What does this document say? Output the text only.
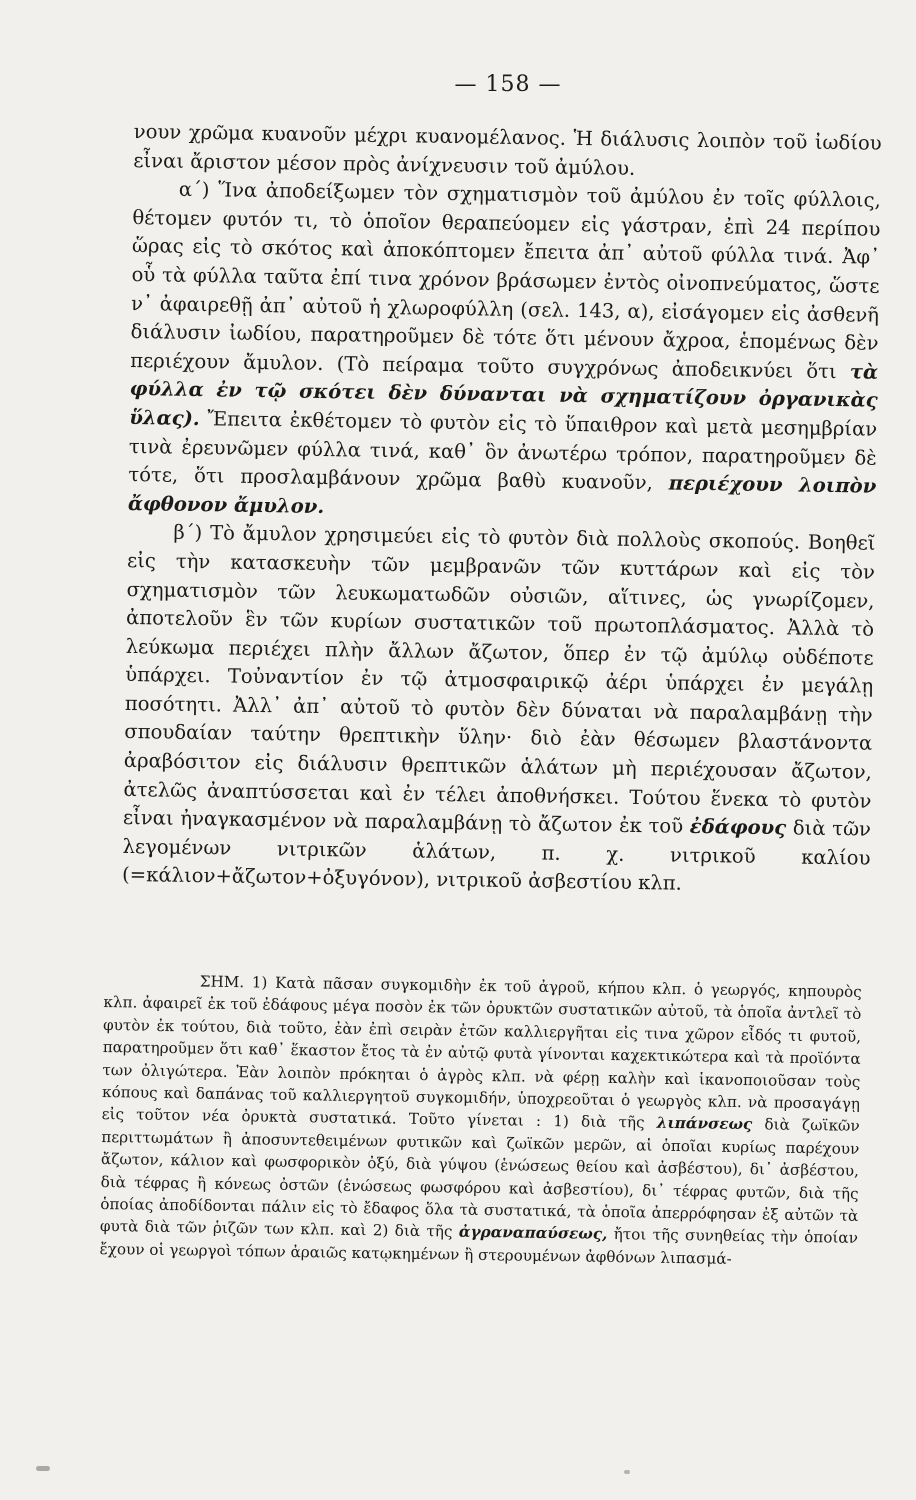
— 158 —

νουν χρῶμα κυανοῦν μέχρι κυανομέλανος. Ἡ διάλυσις λοιπὸν τοῦ ἰωδίου εἶναι ἄριστον μέσον πρὸς ἀνίχνευσιν τοῦ ἀμύλου.

α΄) Ἵνα ἀποδείξωμεν τὸν σχηματισμὸν τοῦ ἀμύλου ἐν τοῖς φύλλοις, θέτομεν φυτόν τι, τὸ ὁποῖον θεραπεύομεν εἰς γάστραν, ἐπὶ 24 περίπου ὥρας εἰς τὸ σκότος καὶ ἀποκόπτομεν ἔπειτα ἀπ᾿ αὐτοῦ φύλλα τινά. Ἀφ᾿ οὗ τὰ φύλλα ταῦτα ἐπί τινα χρόνον βράσωμεν ἐντὸς οἰνοπνεύματος, ὥστε ν᾿ ἀφαιρεθῇ ἀπ᾿ αὐτοῦ ἡ χλωροφύλλη (σελ. 143, α), εἰσάγομεν εἰς ἀσθενῆ διάλυσιν ἰωδίου, παρατηροῦμεν δὲ τότε ὅτι μένουν ἄχροα, ἑπομένως δὲν περιέχουν ἄμυλον. (Τὸ πείραμα τοῦτο συγχρόνως ἀποδεικνύει ὅτι τὰ φύλλα ἐν τῷ σκότει δὲν δύνανται νὰ σχηματίζουν ὀργανικὰς ὕλας). Ἔπειτα ἐκθέτομεν τὸ φυτὸν εἰς τὸ ὕπαιθρον καὶ μετὰ μεσημβρίαν τινὰ ἐρευνῶμεν φύλλα τινά, καθ᾿ ὃν ἀνωτέρω τρόπον, παρατηροῦμεν δὲ τότε, ὅτι προσλαμβάνουν χρῶμα βαθὺ κυανοῦν, περιέχουν λοιπὸν ἄφθονον ἄμυλον.

β΄) Τὸ ἄμυλον χρησιμεύει εἰς τὸ φυτὸν διὰ πολλοὺς σκοπούς. Βοηθεῖ εἰς τὴν κατασκευὴν τῶν μεμβρανῶν τῶν κυττάρων καὶ εἰς τὸν σχηματισμὸν τῶν λευκωματωδῶν οὐσιῶν, αἵτινες, ὡς γνωρίζομεν, ἀποτελοῦν ἓν τῶν κυρίων συστατικῶν τοῦ πρωτοπλάσματος. Ἀλλὰ τὸ λεύκωμα περιέχει πλὴν ἄλλων ἄζωτον, ὅπερ ἐν τῷ ἀμύλῳ οὐδέποτε ὑπάρχει. Τοὐναντίον ἐν τῷ ἀτμοσφαιρικῷ ἀέρι ὑπάρχει ἐν μεγάλῃ ποσότητι. Ἀλλ᾿ ἀπ᾿ αὐτοῦ τὸ φυτὸν δὲν δύναται νὰ παραλαμβάνῃ τὴν σπουδαίαν ταύτην θρεπτικὴν ὕλην· διὸ ἐὰν θέσωμεν βλαστάνοντα ἀραβόσιτον εἰς διάλυσιν θρεπτικῶν ἁλάτων μὴ περιέχουσαν ἄζωτον, ἀτελῶς ἀναπτύσσεται καὶ ἐν τέλει ἀποθνήσκει. Τούτου ἕνεκα τὸ φυτὸν εἶναι ἠναγκασμένον νὰ παραλαμβάνῃ τὸ ἄζωτον ἐκ τοῦ ἐδάφους διὰ τῶν λεγομένων νιτρικῶν ἁλάτων, π. χ. νιτρικοῦ καλίου (=κάλιον+ἄζωτον+ὀξυγόνον), νιτρικοῦ ἀσβεστίου κλπ.

ΣΗΜ. 1) Κατὰ πᾶσαν συγκομιδὴν ἐκ τοῦ ἀγροῦ, κήπου κλπ. ὁ γεωργός, κηπουρὸς κλπ. ἀφαιρεῖ ἐκ τοῦ ἐδάφους μέγα ποσὸν ἐκ τῶν ὀρυκτῶν συστατικῶν αὐτοῦ, τὰ ὁποῖα ἀντλεῖ τὸ φυτὸν ἐκ τούτου, διὰ τοῦτο, ἐὰν ἐπὶ σειρὰν ἐτῶν καλλιεργῆται εἰς τινα χῶρον εἶδός τι φυτοῦ, παρατηροῦμεν ὅτι καθ᾿ ἕκαστον ἔτος τὰ ἐν αὐτῷ φυτὰ γίνονται καχεκτικώτερα καὶ τὰ προϊόντα των ὀλιγώτερα. Ἐὰν λοιπὸν πρόκηται ὁ ἀγρὸς κλπ. νὰ φέρῃ καλὴν καὶ ἱκανοποιοῦσαν τοὺς κόπους καὶ δαπάνας τοῦ καλλιεργητοῦ συγκομιδήν, ὑποχρεοῦται ὁ γεωργὸς κλπ. νὰ προσαγάγῃ εἰς τοῦτον νέα ὀρυκτὰ συστατικά. Τοῦτο γίνεται : 1) διὰ τῆς λιπάνσεως διὰ ζωϊκῶν περιττωμάτων ἢ ἀποσυντεθειμένων φυτικῶν καὶ ζωϊκῶν μερῶν, αἱ ὁποῖαι κυρίως παρέχουν ἄζωτον, κάλιον καὶ φωσφορικὸν ὀξύ, διὰ γύψου (ἑνώσεως θείου καὶ ἀσβέστου), δι᾿ ἀσβέστου, διὰ τέφρας ἢ κόνεως ὀστῶν (ἑνώσεως φωσφόρου καὶ ἀσβεστίου), δι᾿ τέφρας φυτῶν, διὰ τῆς ὁποίας ἀποδίδονται πάλιν εἰς τὸ ἔδαφος ὅλα τὰ συστατικά, τὰ ὁποῖα ἀπερρόφησαν ἐξ αὐτῶν τὰ φυτὰ διὰ τῶν ῥιζῶν των κλπ. καὶ 2) διὰ τῆς ἀγραναπαύσεως, ἤτοι τῆς συνηθείας τὴν ὁποίαν ἔχουν οἱ γεωργοὶ τόπων ἀραιῶς κατῳκημένων ἢ στερουμένων ἀφθόνων λιπασμά-
